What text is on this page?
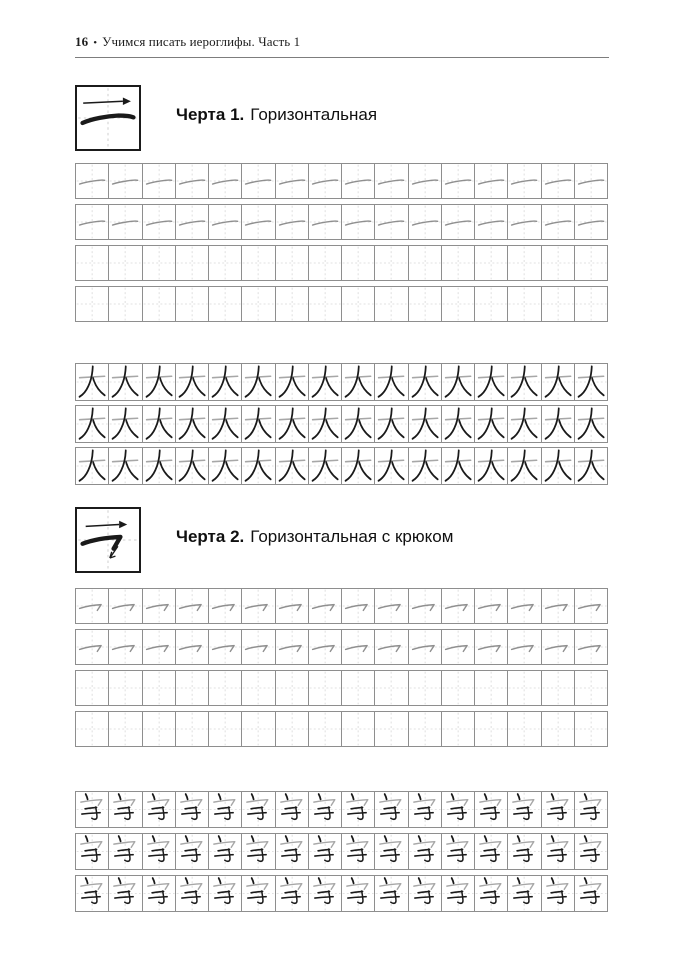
16 • Учимся писать иероглифы. Часть 1
Черта 1. Горизонтальная
Черта 2. Горизонтальная с крюком
